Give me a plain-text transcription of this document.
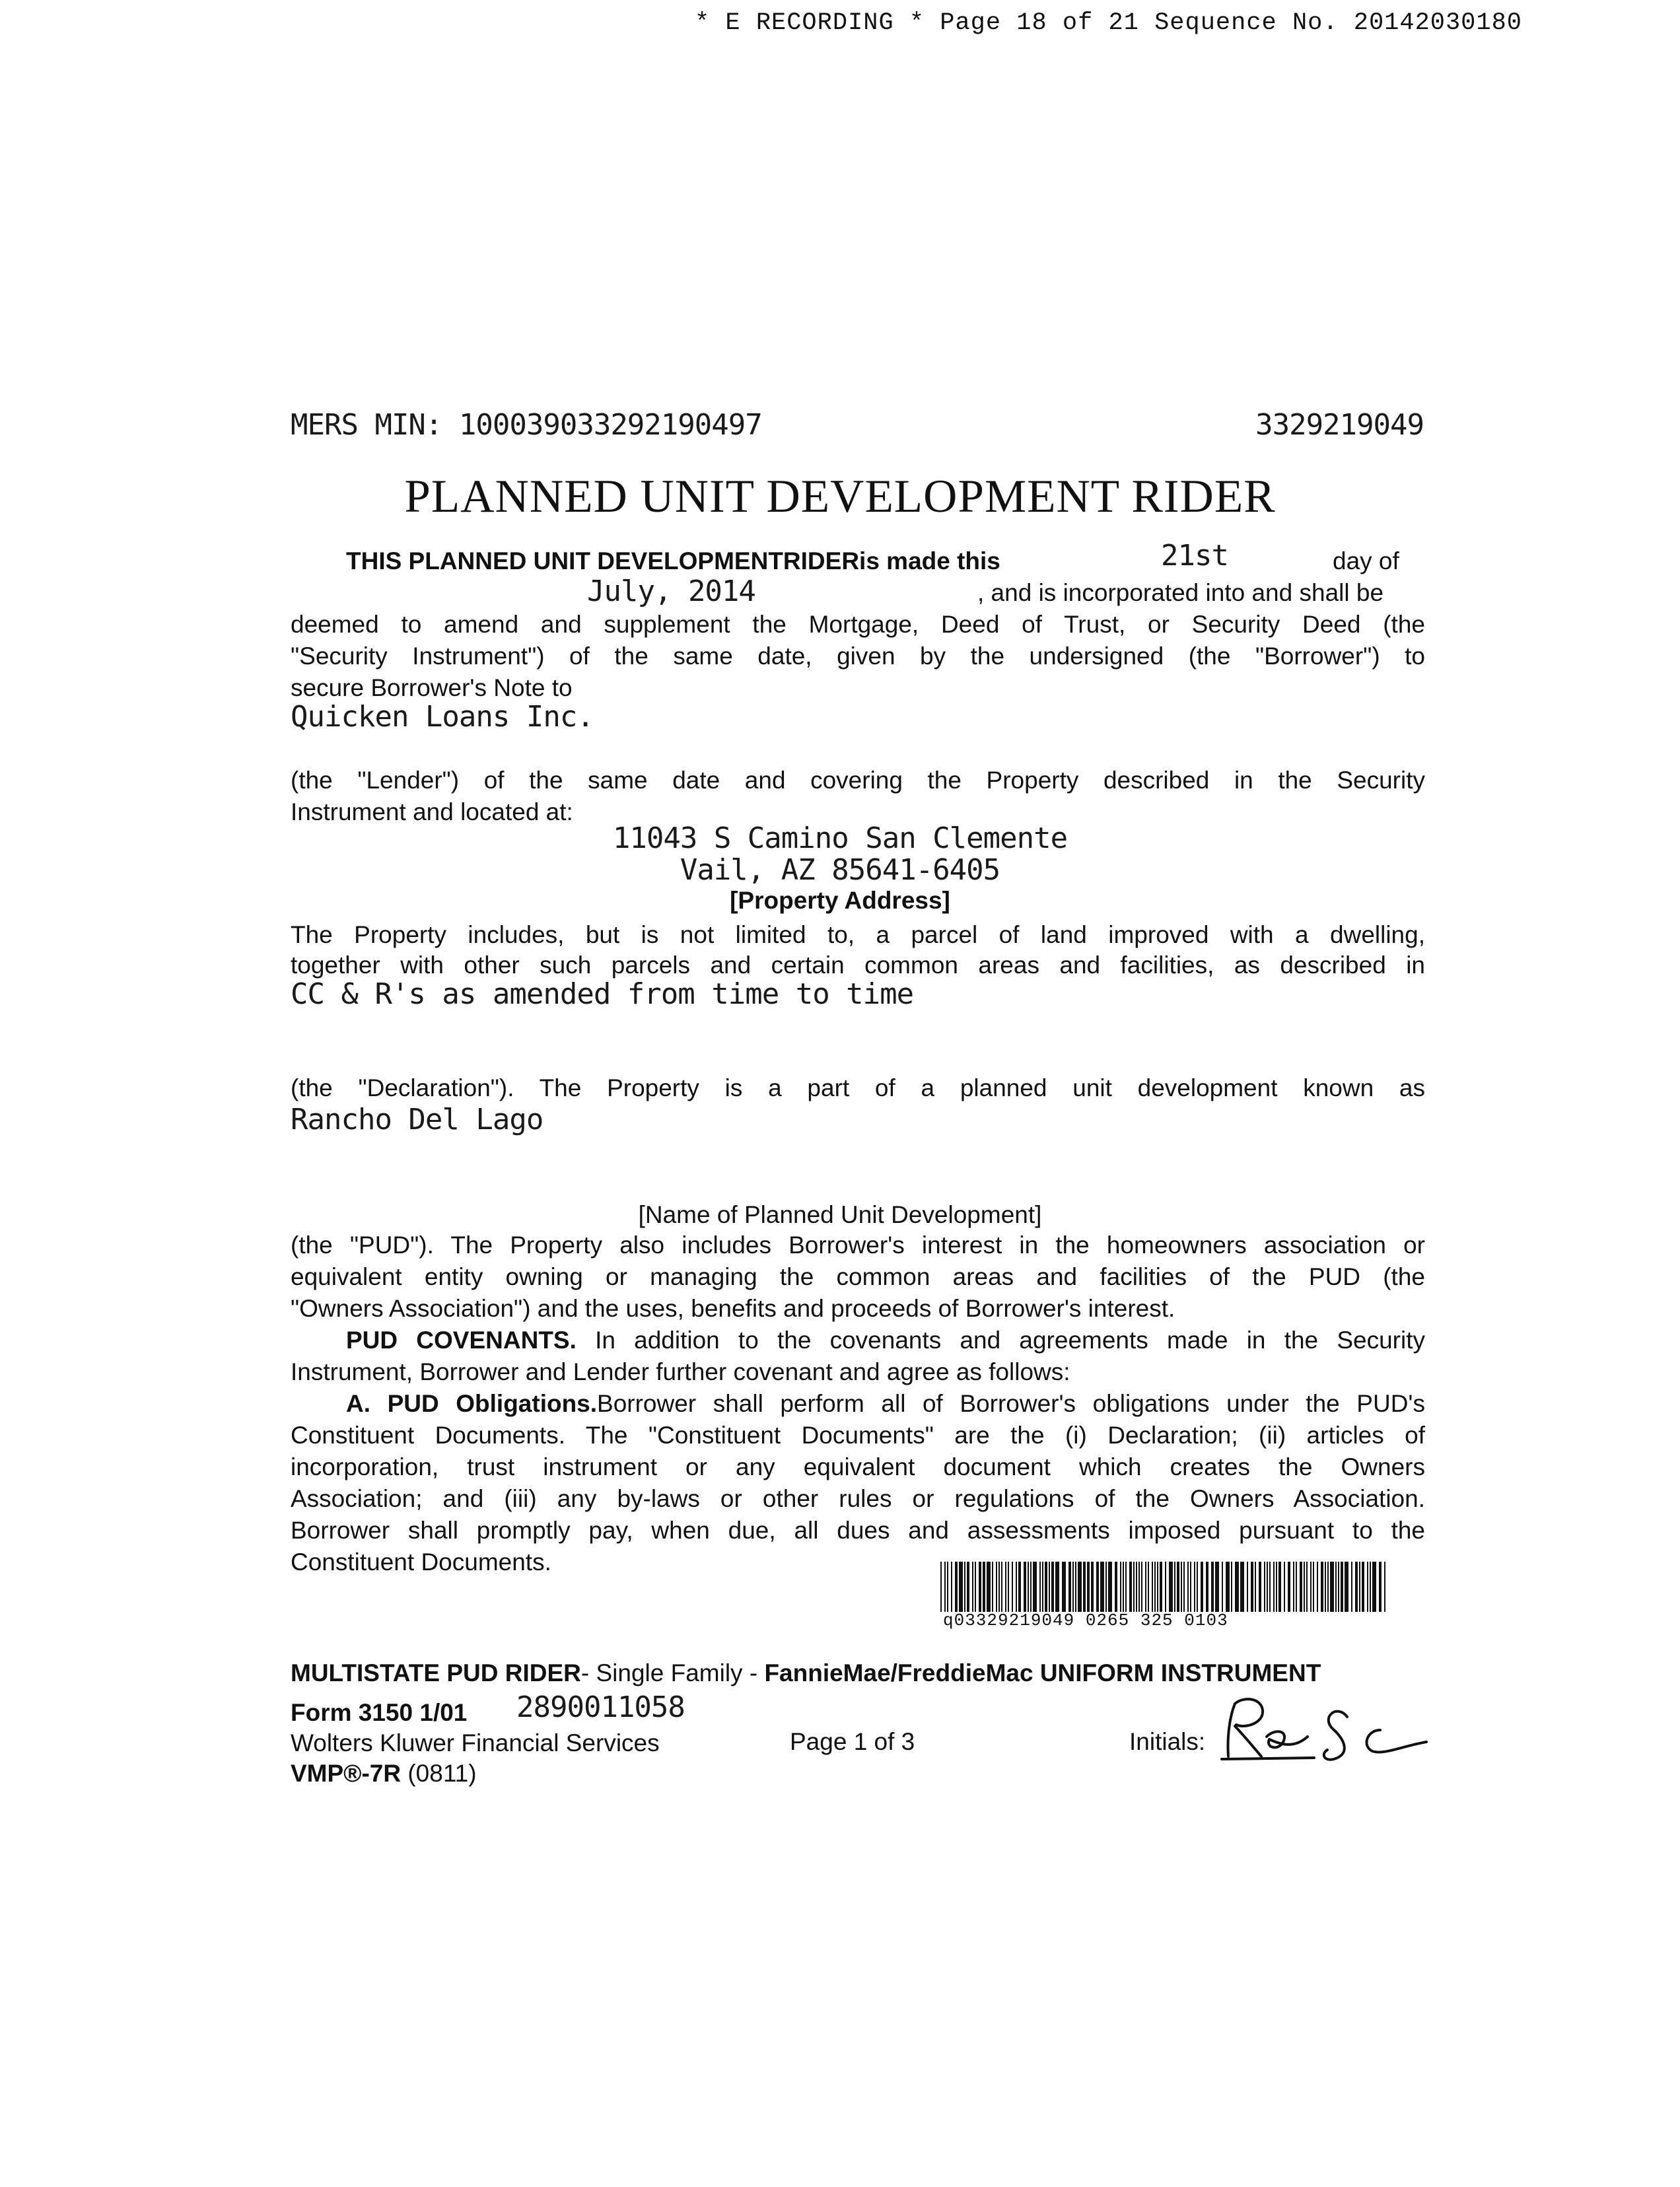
* E RECORDING * Page 18 of 21 Sequence No. 20142030180
MERS MIN: 100039033292190497	3329219049
PLANNED UNIT DEVELOPMENT RIDER
21st
July, 2014
Quicken Loans Inc.
11043 S Camino San Clemente
Vail, AZ 85641-6405
CC & R's as amended from time to time
Rancho Del Lago
2890011058
THIS PLANNED UNIT DEVELOPMENTRIDERis made this	day of
, and is incorporated into and shall be
deemed to amend and supplement the Mortgage, Deed of Trust, or Security Deed (the
"Security Instrument") of the same date, given by the undersigned (the "Borrower") to
secure Borrower's Note to
(the "Lender") of the same date and covering the Property described in the Security
Instrument and located at:
[Property Address]
The Property includes, but is not limited to, a parcel of land improved with a dwelling,
together with other such parcels and certain common areas and facilities, as described in
(the "Declaration"). The Property is a part of a planned unit development known as
[Name of Planned Unit Development]
(the "PUD"). The Property also includes Borrower's interest in the homeowners association or
equivalent entity owning or managing the common areas and facilities of the PUD (the
"Owners Association") and the uses, benefits and proceeds of Borrower's interest.
PUD COVENANTS. In addition to the covenants and agreements made in the Security
Instrument, Borrower and Lender further covenant and agree as follows:
A. PUD Obligations.Borrower shall perform all of Borrower's obligations under the PUD's
Constituent Documents. The "Constituent Documents" are the (i) Declaration; (ii) articles of
incorporation, trust instrument or any equivalent document which creates the Owners
Association; and (iii) any by-laws or other rules or regulations of the Owners Association.
Borrower shall promptly pay, when due, all dues and assessments imposed pursuant to the
Constituent Documents.
q03329219049 0265 325 0103
MULTISTATE PUD RIDER- Single Family - FannieMae/FreddieMac UNIFORM INSTRUMENT
Form 3150 1/01
Wolters Kluwer Financial Services
VMP®-7R (0811)
Page 1 of 3	Initials:
